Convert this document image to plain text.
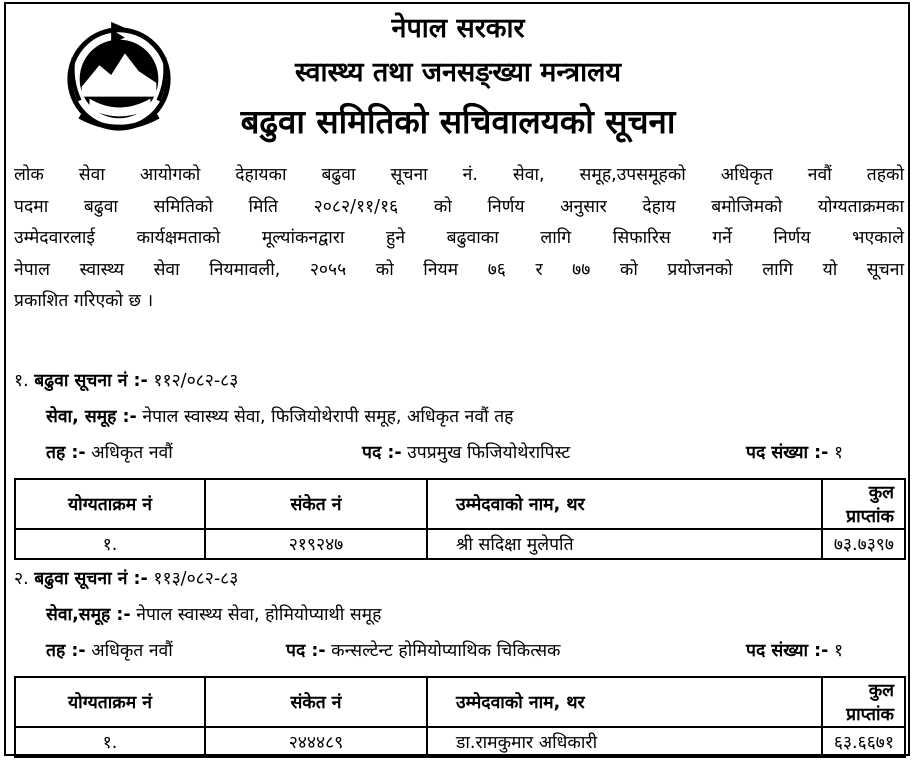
नेपाल सरकार
स्वास्थ्य तथा जनसङ्ख्या मन्त्रालय
बढुवा समितिको सचिवालयको सूचना
लोक सेवा आयोगको देहायका बढुवा सूचना नं. सेवा, समूह,उपसमूहको अधिकृत नवौं तहको
पदमा बढुवा समितिको मिति २०८२/११/१६ को निर्णय अनुसार देहाय बमोजिमको योग्यताक्रमका
उम्मेदवारलाई कार्यक्षमताको मूल्यांकनद्वारा हुने बढुवाका लागि सिफारिस गर्ने निर्णय भएकाले
नेपाल स्वास्थ्य सेवा नियमावली, २०५५ को नियम ७६ र ७७ को प्रयोजनको लागि यो सूचना
प्रकाशित गरिएको छ ।
१. बढुवा सूचना नं :- ११२/०८२-८३
सेवा, समूह :- नेपाल स्वास्थ्य सेवा, फिजियोथेरापी समूह, अधिकृत नवौं तह
तह :- अधिकृत नवौं	पद :- उपप्रमुख फिजियोथेरापिस्ट	पद संख्या :- १
योग्यताक्रम नं	संकेत नं	उम्मेदवाको नाम, थर	कुल प्राप्तांक
१.	२१९२४७	श्री सदिक्षा मुलेपति	७३.७३९७
२. बढुवा सूचना नं :- ११३/०८२-८३
सेवा,समूह :- नेपाल स्वास्थ्य सेवा, होमियोप्याथी समूह
तह :- अधिकृत नवौं	पद :- कन्सल्टेन्ट होमियोप्याथिक चिकित्सक	पद संख्या :- १
योग्यताक्रम नं	संकेत नं	उम्मेदवाको नाम, थर	कुल प्राप्तांक
१.	२४४४८९	डा.रामकुमार अधिकारी	६३.६६७१
